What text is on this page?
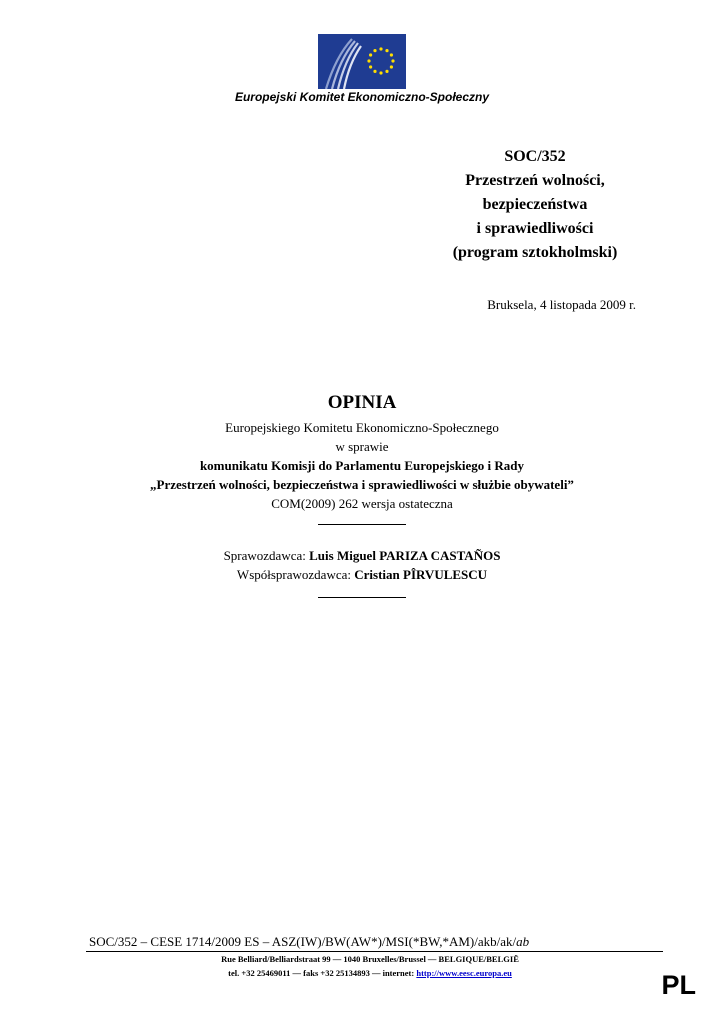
Europejski Komitet Ekonomiczno-Społeczny
SOC/352
Przestrzeń wolności,
bezpieczeństwa
i sprawiedliwości
(program sztokholmski)
Bruksela, 4 listopada 2009 r.
OPINIA
Europejskiego Komitetu Ekonomiczno-Społecznego
w sprawie
komunikatu Komisji do Parlamentu Europejskiego i Rady
„Przestrzeń wolności, bezpieczeństwa i sprawiedliwości w służbie obywateli”
COM(2009) 262 wersja ostateczna
Sprawozdawca: Luis Miguel PARIZA CASTAÑOS
Współsprawozdawca: Cristian PÎRVULESCU
SOC/352 – CESE 1714/2009 ES – ASZ(IW)/BW(AW*)/MSI(*BW,*AM)/akb/ak/ab
Rue Belliard/Belliardstraat 99 — 1040 Bruxelles/Brussel — BELGIQUE/BELGIË
tel. +32 25469011 — faks +32 25134893 — internet: http://www.eesc.europa.eu	PL
